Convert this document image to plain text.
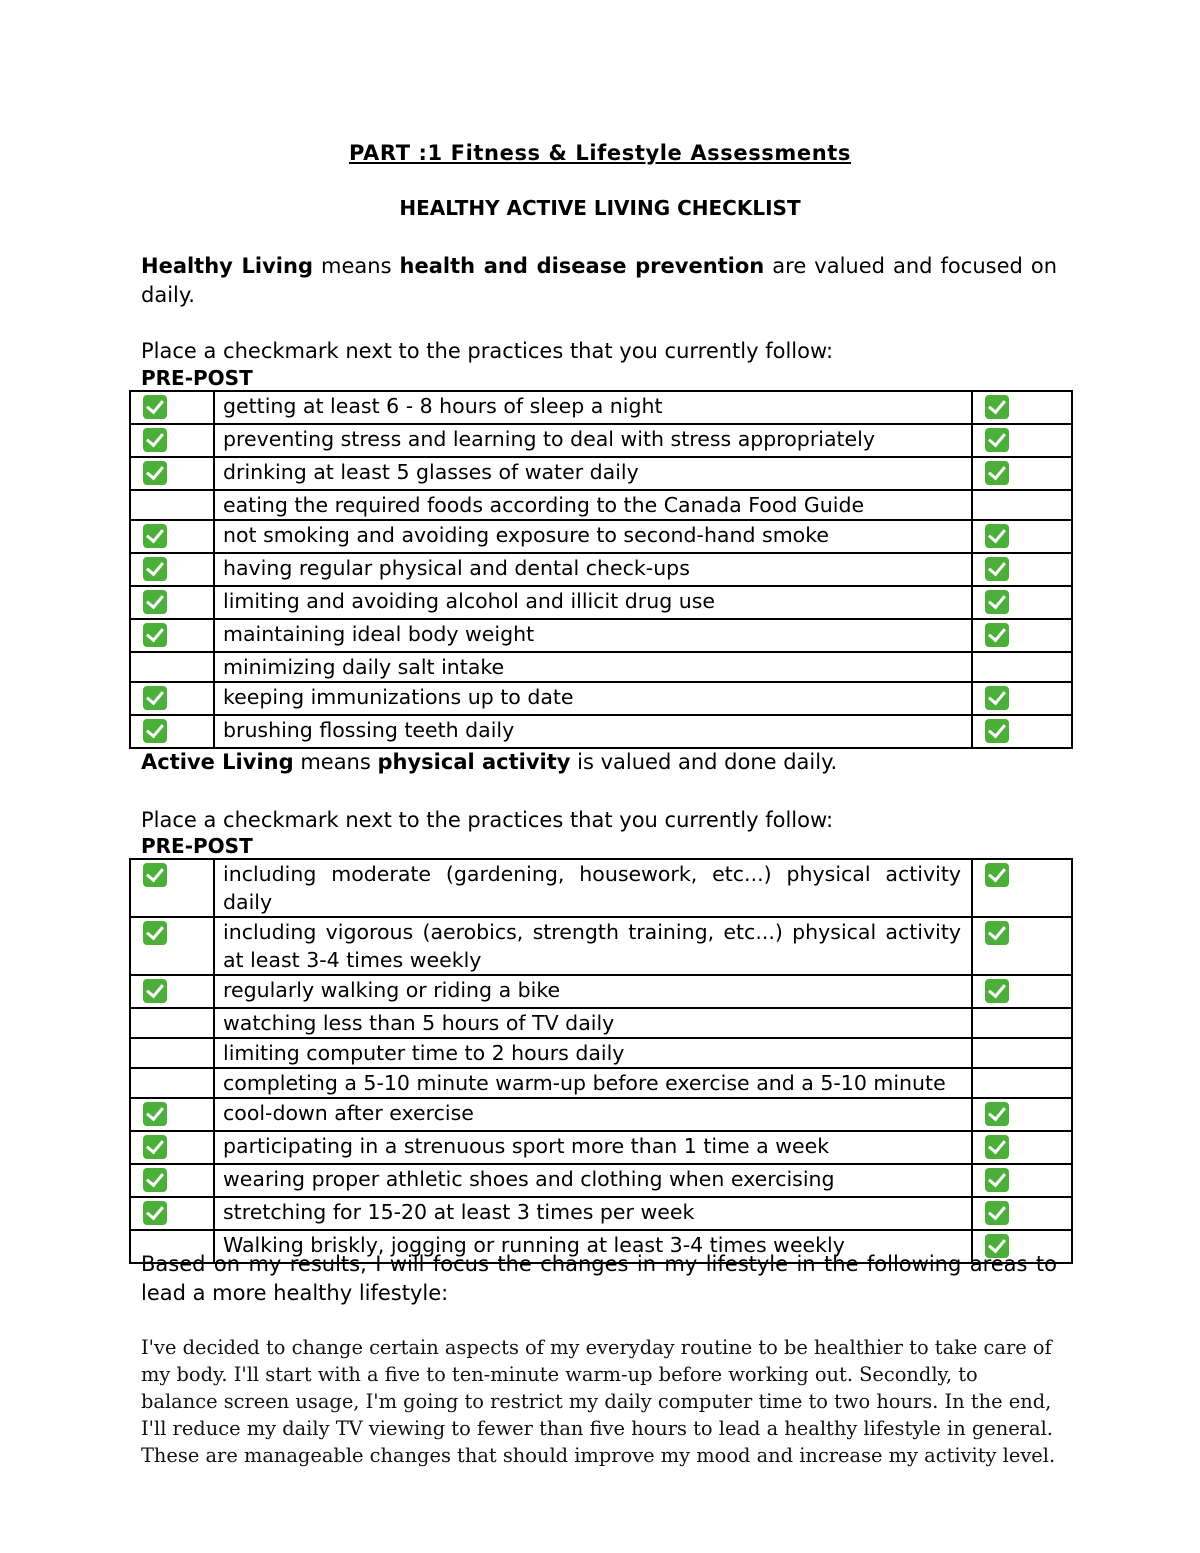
PART :1 Fitness & Lifestyle Assessments
HEALTHY ACTIVE LIVING CHECKLIST
Healthy Living means health and disease prevention are valued and focused on daily.
Place a checkmark next to the practices that you currently follow:
PRE-POST
	getting at least 6 - 8 hours of sleep a night	
	preventing stress and learning to deal with stress appropriately	
	drinking at least 5 glasses of water daily	
	eating the required foods according to the Canada Food Guide	
	not smoking and avoiding exposure to second-hand smoke	
	having regular physical and dental check-ups	
	limiting and avoiding alcohol and illicit drug use	
	maintaining ideal body weight	
	minimizing daily salt intake	
	keeping immunizations up to date	
	brushing flossing teeth daily	
Active Living means physical activity is valued and done daily.
Place a checkmark next to the practices that you currently follow:
PRE-POST
	including moderate (gardening, housework, etc...) physical activity daily	
	including vigorous (aerobics, strength training, etc...) physical activity at least 3-4 times weekly	
	regularly walking or riding a bike	
	watching less than 5 hours of TV daily	
	limiting computer time to 2 hours daily	
	completing a 5-10 minute warm-up before exercise and a 5-10 minute	
	cool-down after exercise	
	participating in a strenuous sport more than 1 time a week	
	wearing proper athletic shoes and clothing when exercising	
	stretching for 15-20 at least 3 times per week	
	Walking briskly, jogging or running at least 3-4 times weekly	
Based on my results, I will focus the changes in my lifestyle in the following areas to lead a more healthy lifestyle:
I've decided to change certain aspects of my everyday routine to be healthier to take care of my body. I'll start with a five to ten-minute warm-up before working out. Secondly, to balance screen usage, I'm going to restrict my daily computer time to two hours. In the end, I'll reduce my daily TV viewing to fewer than five hours to lead a healthy lifestyle in general. These are manageable changes that should improve my mood and increase my activity level.
